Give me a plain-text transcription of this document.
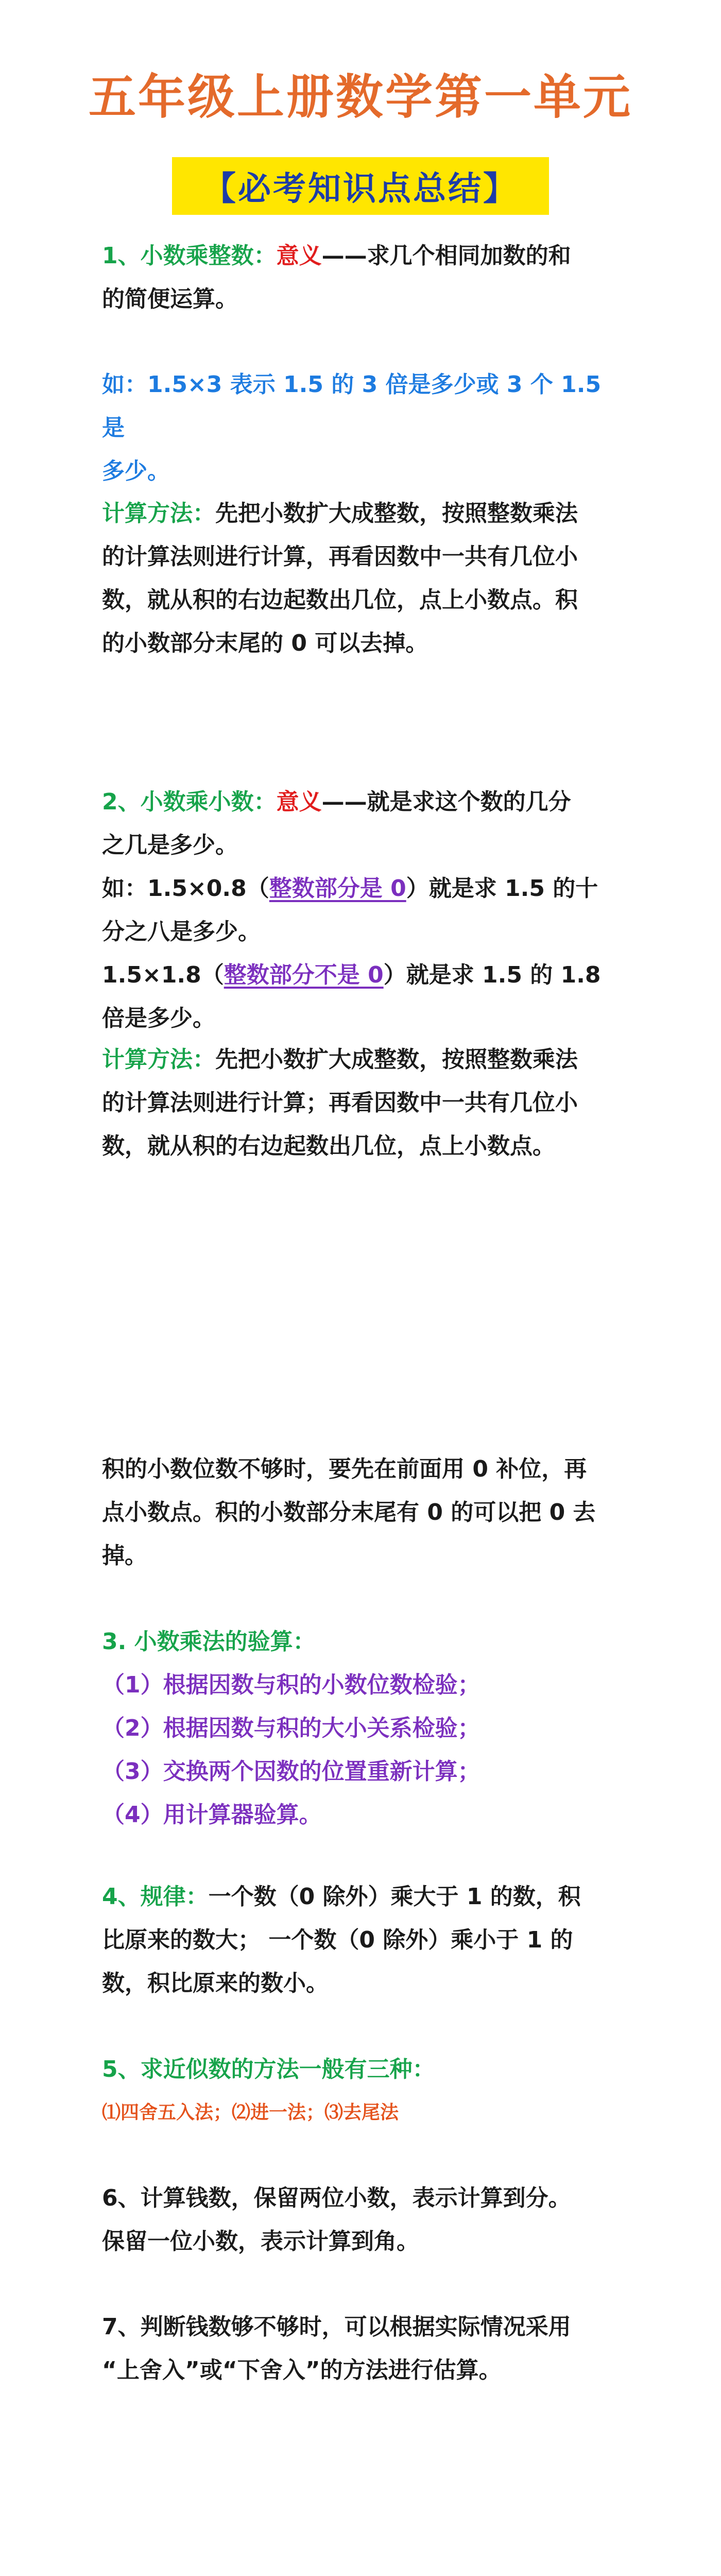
五年级上册数学第一单元
【必考知识点总结】
1、小数乘整数：意义——求几个相同加数的和
的简便运算。
如：1.5×3 表示 1.5 的 3 倍是多少或 3 个 1.5 是
多少。
计算方法：先把小数扩大成整数，按照整数乘法
的计算法则进行计算，再看因数中一共有几位小
数，就从积的右边起数出几位，点上小数点。积
的小数部分末尾的 0 可以去掉。
2、小数乘小数：意义——就是求这个数的几分
之几是多少。
如：1.5×0.8（整数部分是 0）就是求 1.5 的十
分之八是多少。
1.5×1.8（整数部分不是 0）就是求 1.5 的 1.8
倍是多少。
计算方法：先把小数扩大成整数，按照整数乘法
的计算法则进行计算；再看因数中一共有几位小
数，就从积的右边起数出几位，点上小数点。
积的小数位数不够时，要先在前面用 0 补位，再
点小数点。积的小数部分末尾有 0 的可以把 0 去
掉。
3. 小数乘法的验算：
（1）根据因数与积的小数位数检验；
（2）根据因数与积的大小关系检验；
（3）交换两个因数的位置重新计算；
（4）用计算器验算。
4、规律：一个数（0 除外）乘大于 1 的数，积
比原来的数大； 一个数（0 除外）乘小于 1 的
数，积比原来的数小。
5、求近似数的方法一般有三种：
⑴四舍五入法；⑵进一法；⑶去尾法
6、计算钱数，保留两位小数，表示计算到分。
保留一位小数，表示计算到角。
7、判断钱数够不够时，可以根据实际情况采用
“上舍入”或“下舍入”的方法进行估算。
